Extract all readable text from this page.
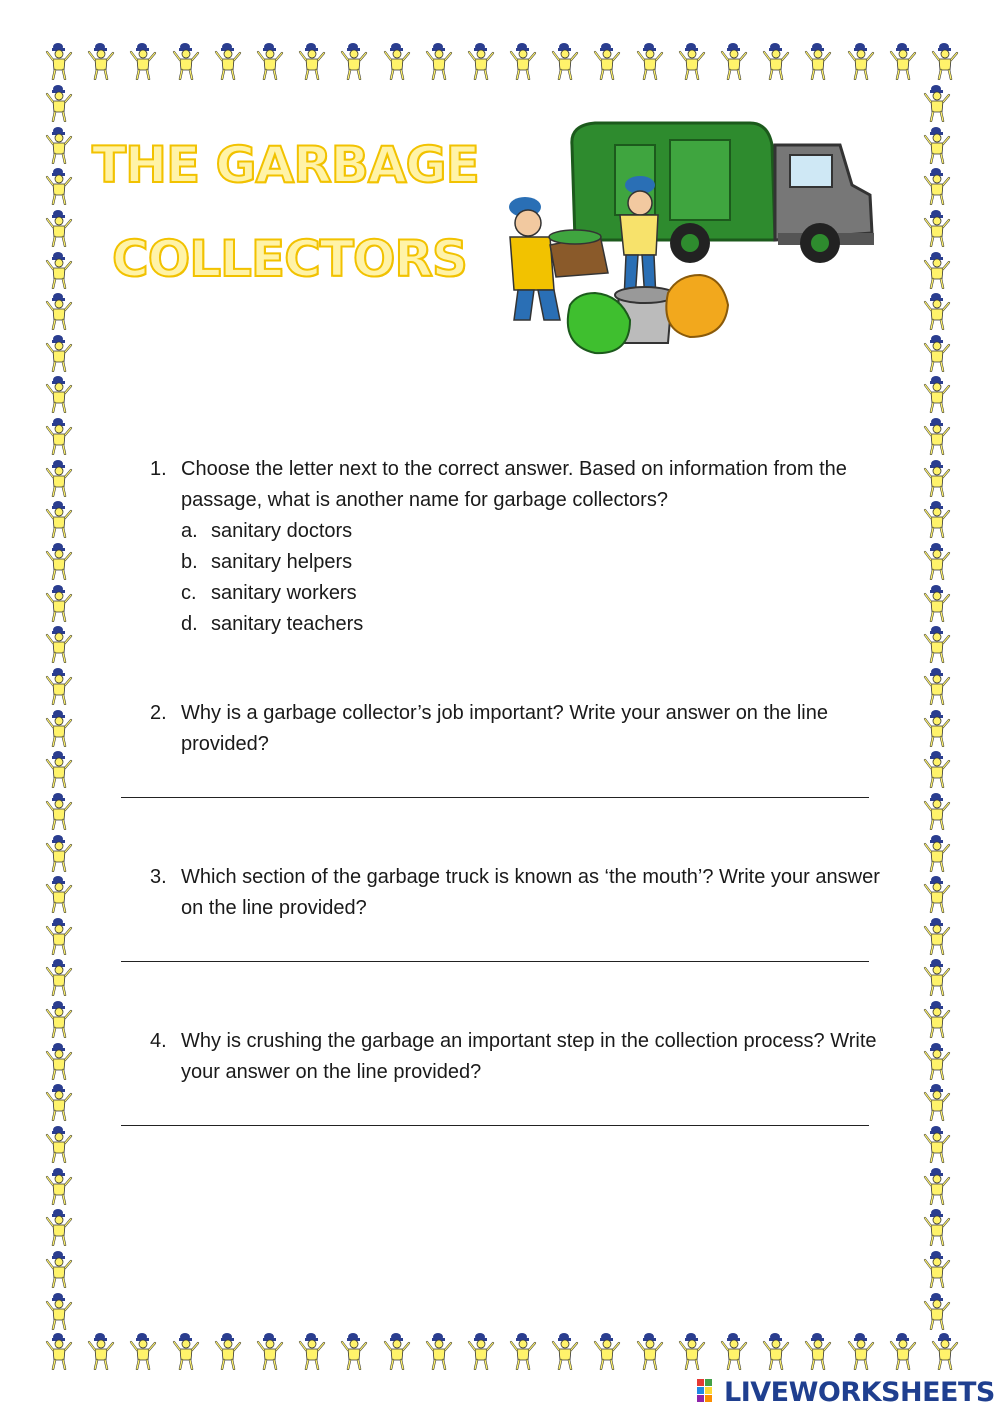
THE GARBAGE
COLLECTORS
1. Choose the letter next to the correct answer. Based on information from the passage, what is another name for garbage collectors?
a. sanitary doctors
b. sanitary helpers
c. sanitary workers
d. sanitary teachers
2. Why is a garbage collector’s job important? Write your answer on the line provided?
3. Which section of the garbage truck is known as ‘the mouth’? Write your answer on the line provided?
4. Why is crushing the garbage an important step in the collection process? Write your answer on the line provided?
LIVEWORKSHEETS
